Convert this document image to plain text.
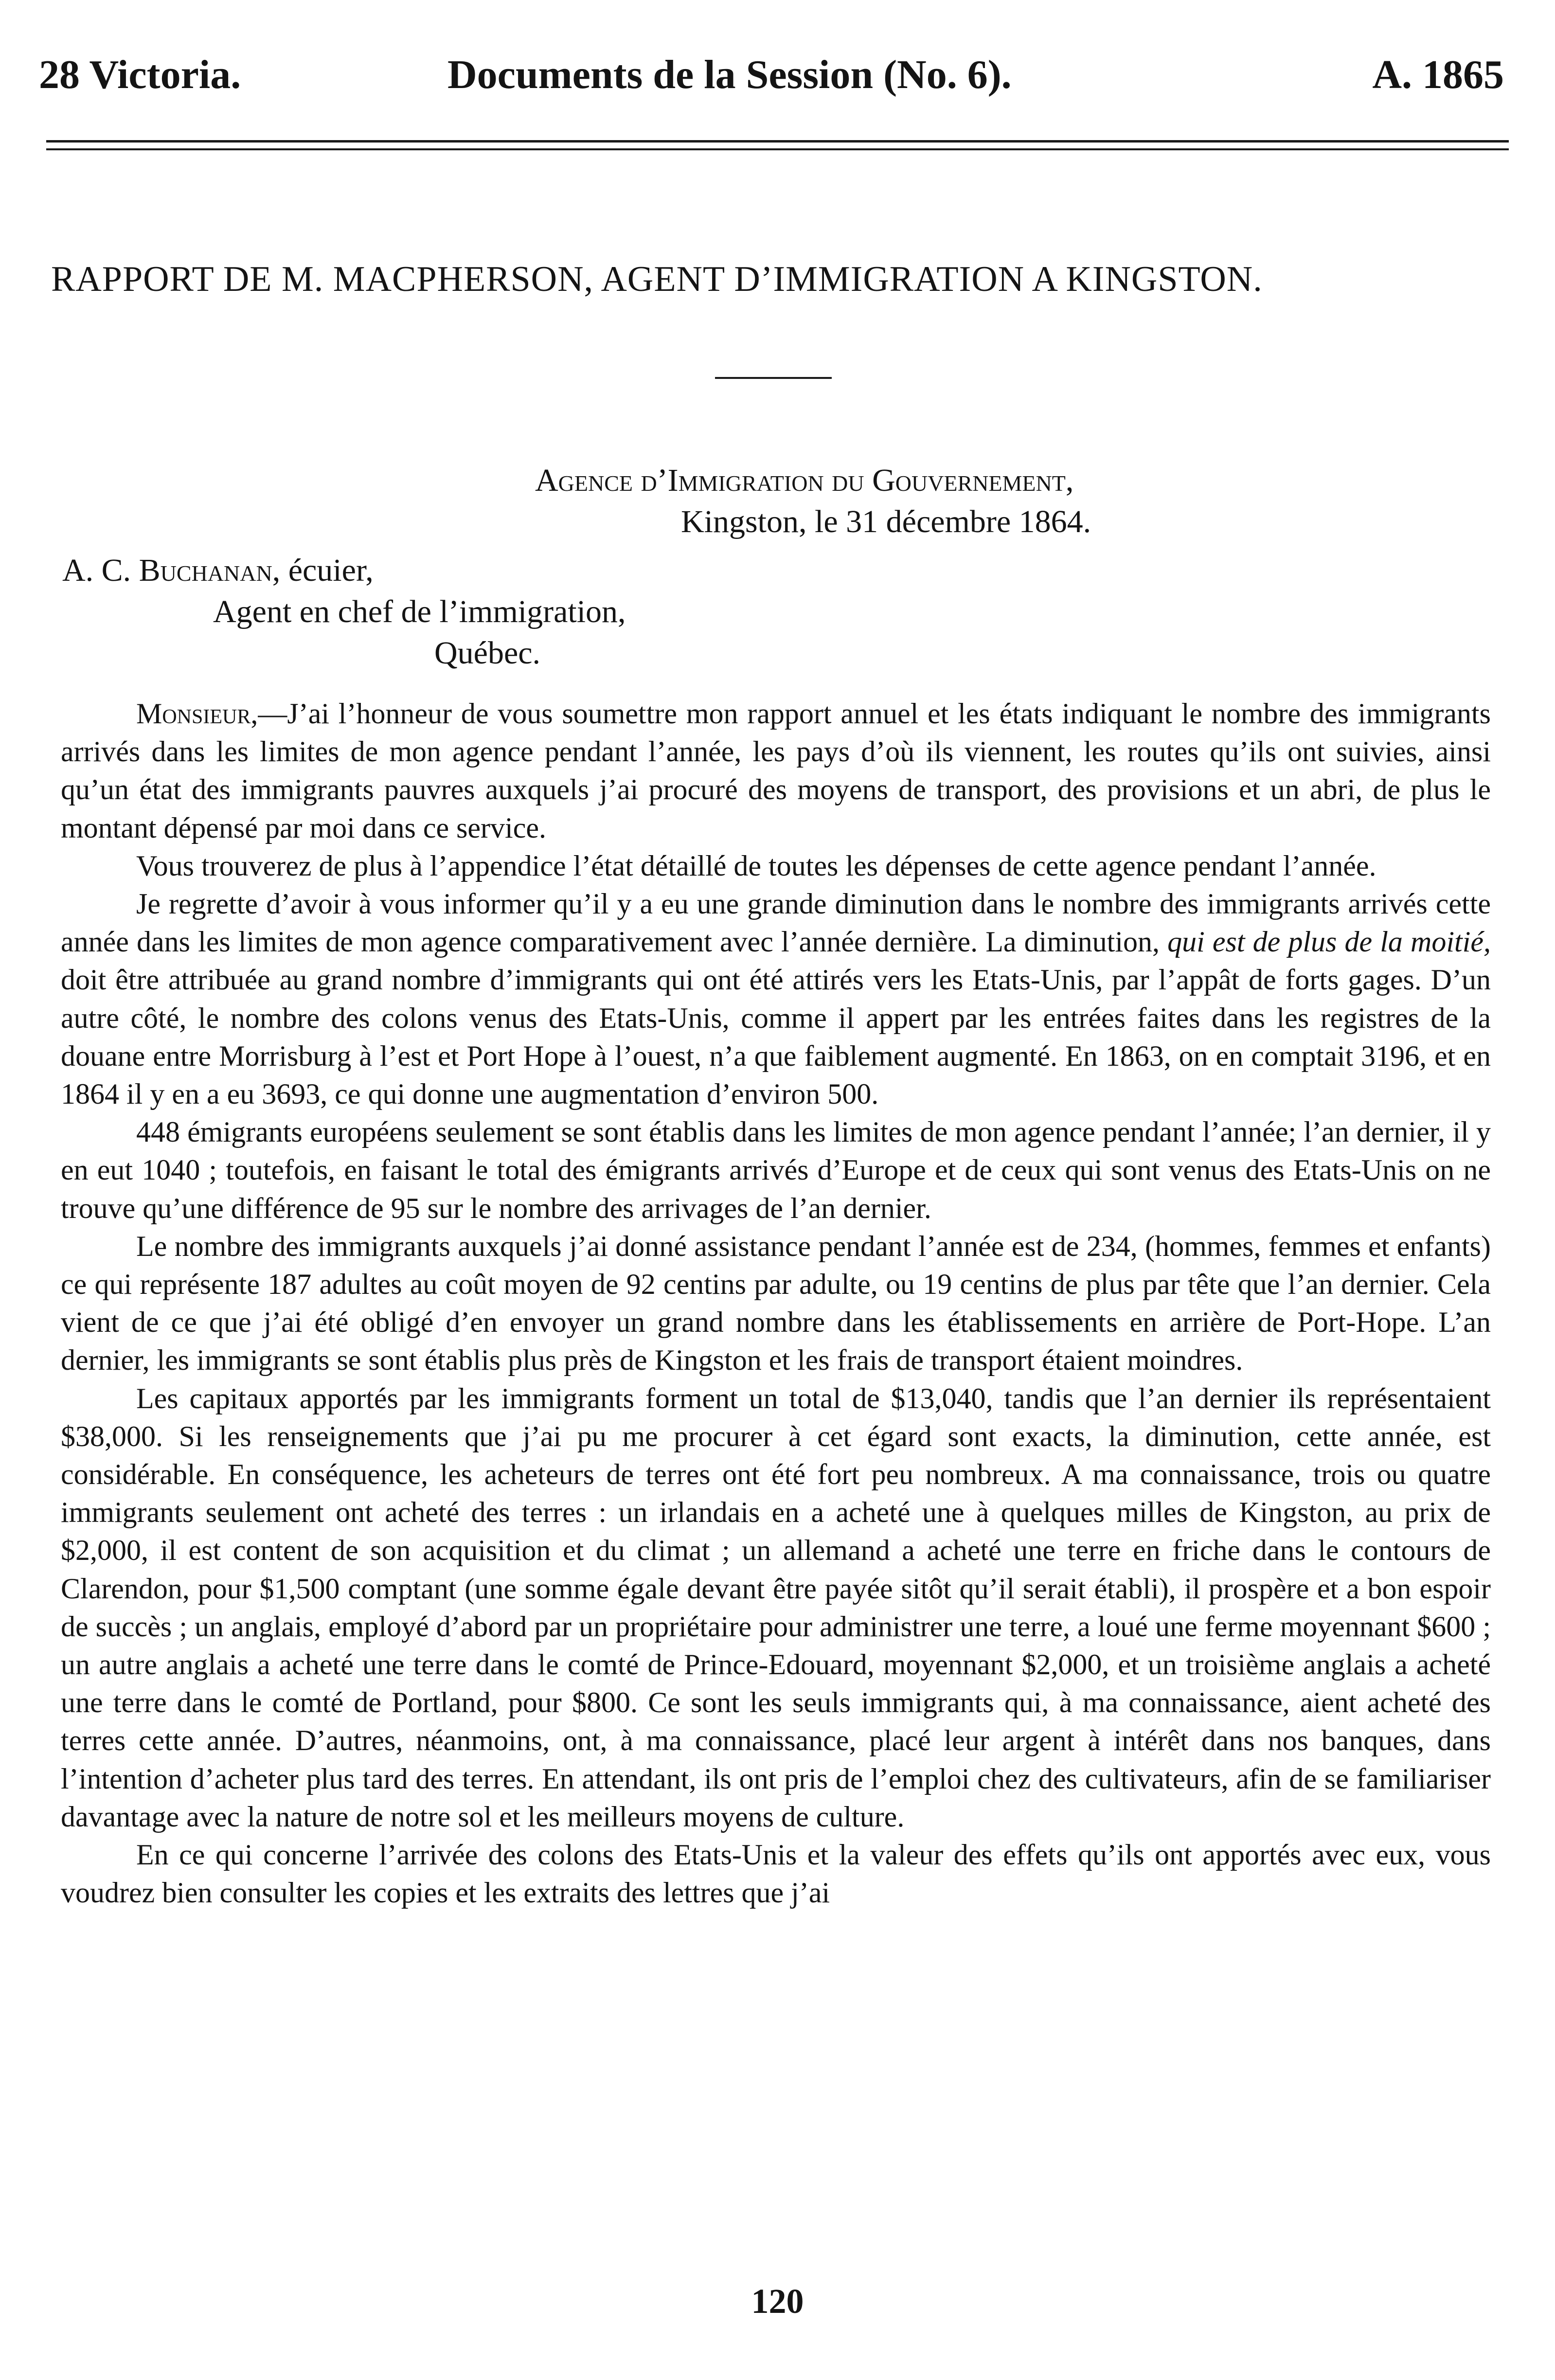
28 Victoria.	Documents de la Session (No. 6).	A. 1865
RAPPORT DE M. MACPHERSON, AGENT D’IMMIGRATION A KINGSTON.
Agence d’Immigration du Gouvernement,
Kingston, le 31 décembre 1864.
A. C. Buchanan, écuier,
Agent en chef de l’immigration,
Québec.

Monsieur,—J’ai l’honneur de vous soumettre mon rapport annuel et les états indiquant le nombre des immigrants arrivés dans les limites de mon agence pendant l’année, les pays d’où ils viennent, les routes qu’ils ont suivies, ainsi qu’un état des immigrants pauvres auxquels j’ai procuré des moyens de transport, des provisions et un abri, de plus le montant dépensé par moi dans ce service.

Vous trouverez de plus à l’appendice l’état détaillé de toutes les dépenses de cette agence pendant l’année.

Je regrette d’avoir à vous informer qu’il y a eu une grande diminution dans le nombre des immigrants arrivés cette année dans les limites de mon agence comparativement avec l’année dernière. La diminution, qui est de plus de la moitié, doit être attribuée au grand nombre d’immigrants qui ont été attirés vers les Etats-Unis, par l’appât de forts gages. D’un autre côté, le nombre des colons venus des Etats-Unis, comme il appert par les entrées faites dans les registres de la douane entre Morrisburg à l’est et Port Hope à l’ouest, n’a que faiblement augmenté. En 1863, on en comptait 3196, et en 1864 il y en a eu 3693, ce qui donne une augmentation d’environ 500.

448 émigrants européens seulement se sont établis dans les limites de mon agence pendant l’année; l’an dernier, il y en eut 1040 ; toutefois, en faisant le total des émigrants arrivés d’Europe et de ceux qui sont venus des Etats-Unis on ne trouve qu’une différence de 95 sur le nombre des arrivages de l’an dernier.

Le nombre des immigrants auxquels j’ai donné assistance pendant l’année est de 234, (hommes, femmes et enfants) ce qui représente 187 adultes au coût moyen de 92 centins par adulte, ou 19 centins de plus par tête que l’an dernier. Cela vient de ce que j’ai été obligé d’en envoyer un grand nombre dans les établissements en arrière de Port-Hope. L’an dernier, les immigrants se sont établis plus près de Kingston et les frais de transport étaient moindres.

Les capitaux apportés par les immigrants forment un total de $13,040, tandis que l’an dernier ils représentaient $38,000. Si les renseignements que j’ai pu me procurer à cet égard sont exacts, la diminution, cette année, est considérable. En conséquence, les acheteurs de terres ont été fort peu nombreux. A ma connaissance, trois ou quatre immigrants seulement ont acheté des terres : un irlandais en a acheté une à quelques milles de Kingston, au prix de $2,000, il est content de son acquisition et du climat ; un allemand a acheté une terre en friche dans le contours de Clarendon, pour $1,500 comptant (une somme égale devant être payée sitôt qu’il serait établi), il prospère et a bon espoir de succès ; un anglais, employé d’abord par un propriétaire pour administrer une terre, a loué une ferme moyennant $600 ; un autre anglais a acheté une terre dans le comté de Prince-Edouard, moyennant $2,000, et un troisième anglais a acheté une terre dans le comté de Portland, pour $800. Ce sont les seuls immigrants qui, à ma connaissance, aient acheté des terres cette année. D’autres, néanmoins, ont, à ma connaissance, placé leur argent à intérêt dans nos banques, dans l’intention d’acheter plus tard des terres. En attendant, ils ont pris de l’emploi chez des cultivateurs, afin de se familiariser davantage avec la nature de notre sol et les meilleurs moyens de culture.

En ce qui concerne l’arrivée des colons des Etats-Unis et la valeur des effets qu’ils ont apportés avec eux, vous voudrez bien consulter les copies et les extraits des lettres que j’ai

120
